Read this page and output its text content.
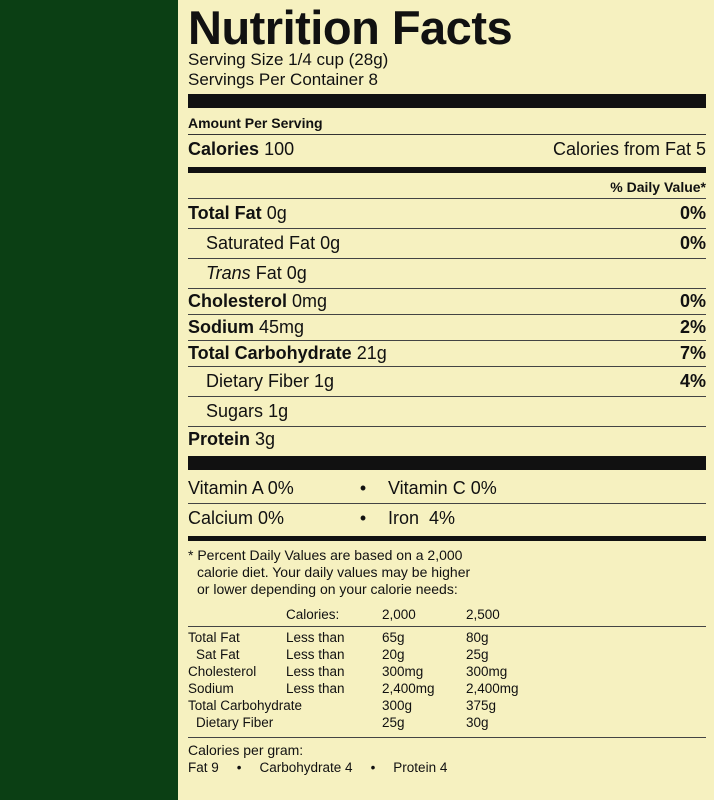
Nutrition Facts
Serving Size 1/4 cup (28g)
Servings Per Container 8
Amount Per Serving
Calories 100	Calories from Fat 5
% Daily Value*
Total Fat 0g	0%
Saturated Fat 0g	0%
Trans Fat 0g
Cholesterol 0mg	0%
Sodium 45mg	2%
Total Carbohydrate 21g	7%
Dietary Fiber 1g	4%
Sugars 1g
Protein 3g
Vitamin A 0%	•	Vitamin C 0%
Calcium 0%	•	Iron  4%
* Percent Daily Values are based on a 2,000
calorie diet. Your daily values may be higher
or lower depending on your calorie needs:
	Calories:	2,000	2,500
Total Fat	Less than	65g	80g
Sat Fat	Less than	20g	25g
Cholesterol	Less than	300mg	300mg
Sodium	Less than	2,400mg	2,400mg
Total Carbohydrate		300g	375g
Dietary Fiber		25g	30g
Calories per gram:
Fat 9 • Carbohydrate 4 • Protein 4
